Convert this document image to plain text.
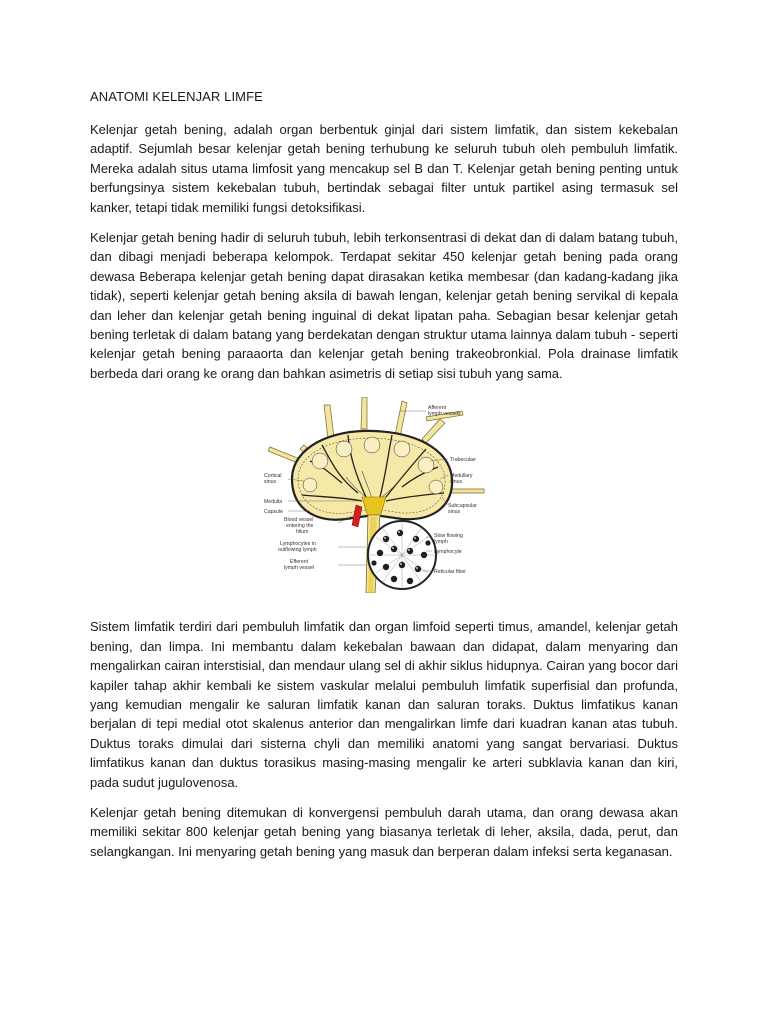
ANATOMI KELENJAR LIMFE

Kelenjar getah bening, adalah organ berbentuk ginjal dari sistem limfatik, dan sistem kekebalan adaptif. Sejumlah besar kelenjar getah bening terhubung ke seluruh tubuh oleh pembuluh limfatik. Mereka adalah situs utama limfosit yang mencakup sel B dan T. Kelenjar getah bening penting untuk berfungsinya sistem kekebalan tubuh, bertindak sebagai filter untuk partikel asing termasuk sel kanker, tetapi tidak memiliki fungsi detoksifikasi.

Kelenjar getah bening hadir di seluruh tubuh, lebih terkonsentrasi di dekat dan di dalam batang tubuh, dan dibagi menjadi beberapa kelompok. Terdapat sekitar 450 kelenjar getah bening pada orang dewasa Beberapa kelenjar getah bening dapat dirasakan ketika membesar (dan kadang-kadang jika tidak), seperti kelenjar getah bening aksila di bawah lengan, kelenjar getah bening servikal di kepala dan leher dan kelenjar getah bening inguinal di dekat lipatan paha. Sebagian besar kelenjar getah bening terletak di dalam batang yang berdekatan dengan struktur utama lainnya dalam tubuh - seperti kelenjar getah bening paraaorta dan kelenjar getah bening trakeobronkial. Pola drainase limfatik berbeda dari orang ke orang dan bahkan asimetris di setiap sisi tubuh yang sama.

Afferent lymph vessels
Trabeculae
Medullary sinus
Subcapsular sinus
Slow flowing lymph
Lymphocyte
Reticular fiber
Cortical sinus
Medulla
Capsule
Blood vessel entering the hilum
Lymphocytes in outflowing lymph
Efferent lymph vessel

Sistem limfatik terdiri dari pembuluh limfatik dan organ limfoid seperti timus, amandel, kelenjar getah bening, dan limpa. Ini membantu dalam kekebalan bawaan dan didapat, dalam menyaring dan mengalirkan cairan interstisial, dan mendaur ulang sel di akhir siklus hidupnya. Cairan yang bocor dari kapiler tahap akhir kembali ke sistem vaskular melalui pembuluh limfatik superfisial dan profunda, yang kemudian mengalir ke saluran limfatik kanan dan saluran toraks. Duktus limfatikus kanan berjalan di tepi medial otot skalenus anterior dan mengalirkan limfe dari kuadran kanan atas tubuh. Duktus toraks dimulai dari sisterna chyli dan memiliki anatomi yang sangat bervariasi. Duktus limfatikus kanan dan duktus torasikus masing-masing mengalir ke arteri subklavia kanan dan kiri, pada sudut jugulovenosa.

Kelenjar getah bening ditemukan di konvergensi pembuluh darah utama, dan orang dewasa akan memiliki sekitar 800 kelenjar getah bening yang biasanya terletak di leher, aksila, dada, perut, dan selangkangan. Ini menyaring getah bening yang masuk dan berperan dalam infeksi serta keganasan.
